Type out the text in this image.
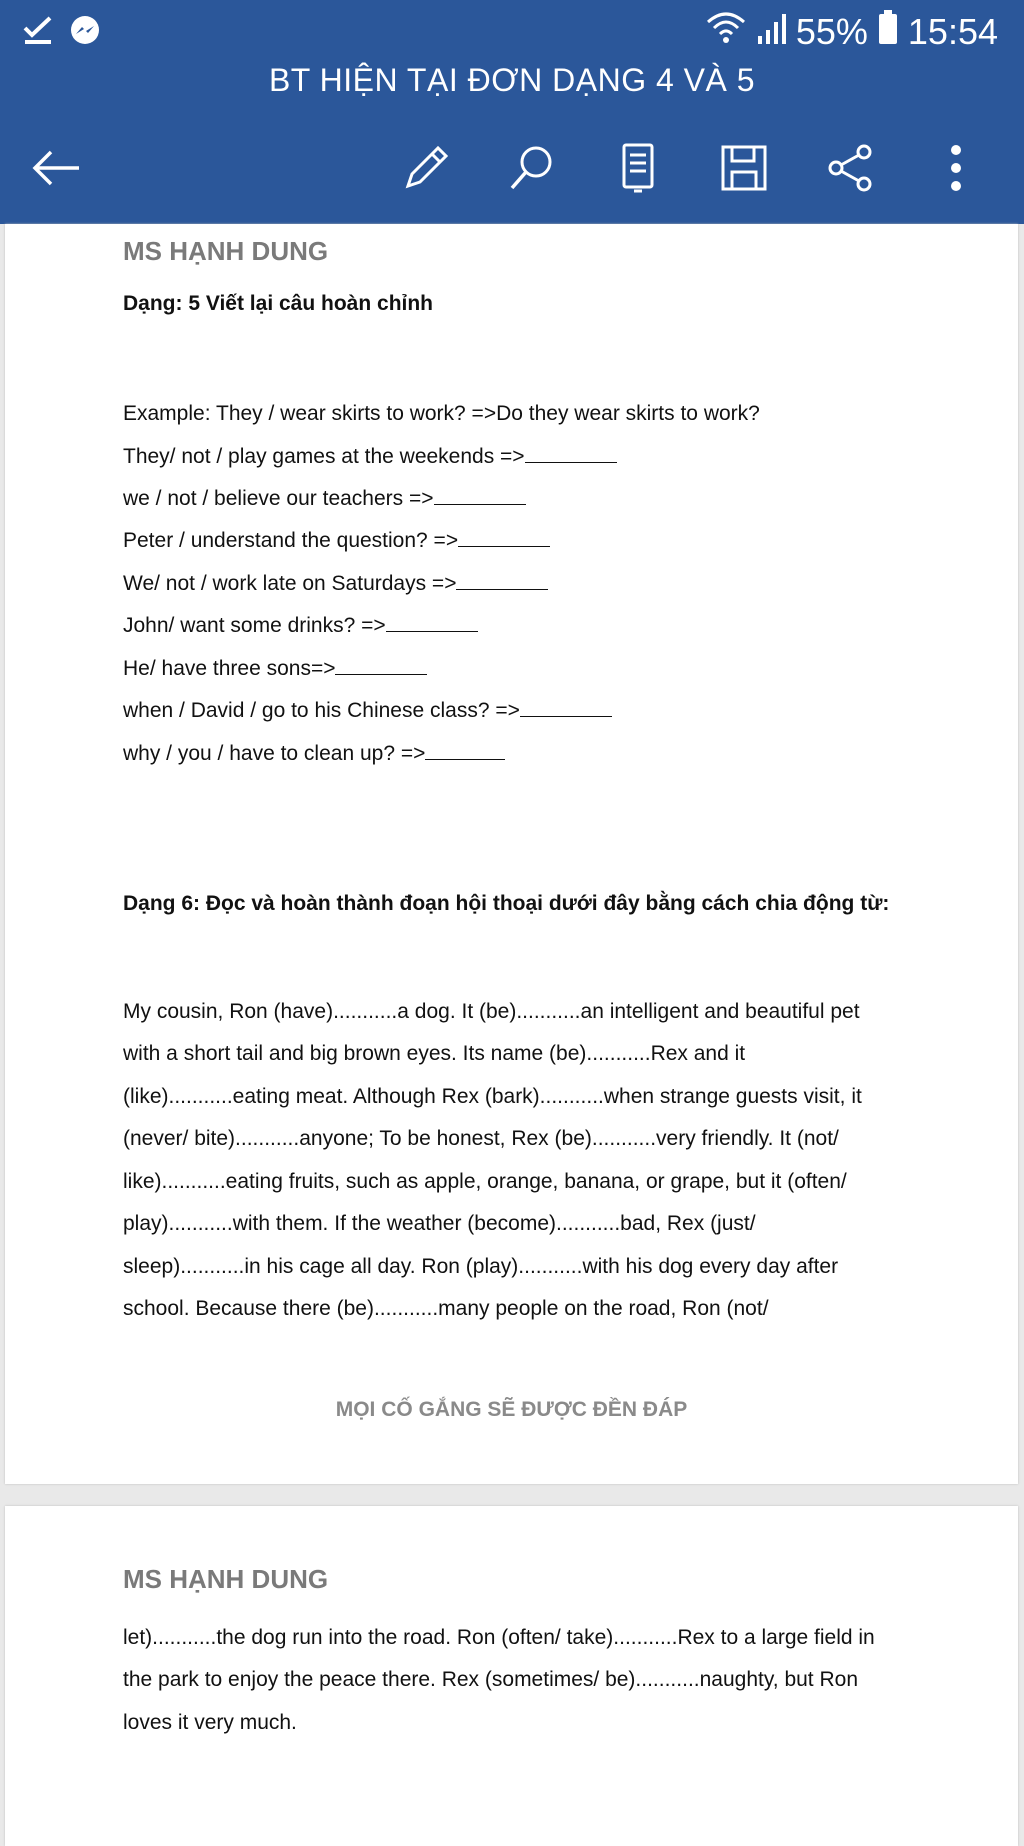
55% 15:54
BT HIỆN TẠI ĐƠN DẠNG 4 VÀ 5
MS HẠNH DUNG
Dạng: 5 Viết lại câu hoàn chỉnh
Example: They / wear skirts to work? =>Do they wear skirts to work?
They/ not / play games at the weekends =>
we / not / believe our teachers =>
Peter / understand the question? =>
We/ not / work late on Saturdays =>
John/ want some drinks? =>
He/ have three sons=>
when / David / go to his Chinese class? =>
why / you / have to clean up? =>
Dạng 6: Đọc và hoàn thành đoạn hội thoại dưới đây bằng cách chia động từ:
My cousin, Ron (have)...........a dog. It (be)...........an intelligent and beautiful pet
with a short tail and big brown eyes. Its name (be)...........Rex and it
(like)...........eating meat. Although Rex (bark)...........when strange guests visit, it
(never/ bite)...........anyone; To be honest, Rex (be)...........very friendly. It (not/
like)...........eating fruits, such as apple, orange, banana, or grape, but it (often/
play)...........with them. If the weather (become)...........bad, Rex (just/
sleep)...........in his cage all day. Ron (play)...........with his dog every day after
school. Because there (be)...........many people on the road, Ron (not/
MỌI CỐ GẮNG SẼ ĐƯỢC ĐỀN ĐÁP
MS HẠNH DUNG
let)...........the dog run into the road. Ron (often/ take)...........Rex to a large field in
the park to enjoy the peace there. Rex (sometimes/ be)...........naughty, but Ron
loves it very much.
